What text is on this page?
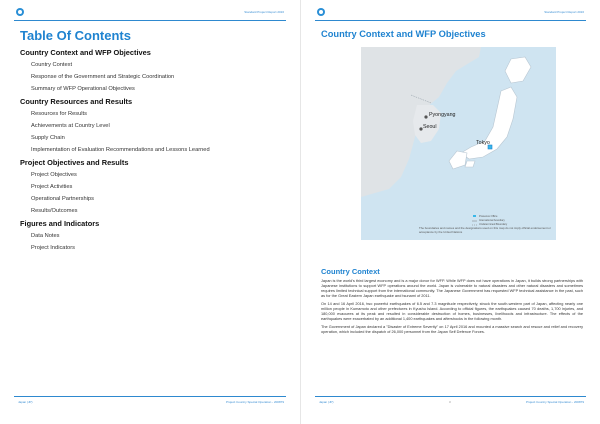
Standard Project Report 2016
Table Of Contents
Country Context and WFP Objectives
Country Context
Response of the Government and Strategic Coordination
Summary of WFP Operational Objectives
Country Resources and Results
Resources for Results
Achievements at Country Level
Supply Chain
Implementation of Evaluation Recommendations and Lessons Learned
Project Objectives and Results
Project Objectives
Project Activities
Operational Partnerships
Results/Outcomes
Figures and Indicators
Data Notes
Project Indicators
Japan (JP)	Project Country Special Operation - 200879
Standard Project Report 2016
Country Context and WFP Objectives
Pyongyang
Seoul
Tokyo
Presence Office
International boundary
Undetermined Boundary
The boundaries and names and the designations used on this map do not imply official endorsement or acceptance by the United Nations
Country Context

Japan is the world's third largest economy and is a major donor for WFP. While WFP does not have operations in Japan, it builds strong partnerships with Japanese institutions to support WFP operations around the world. Japan is vulnerable to natural disasters and other natural disasters and sometimes requires limited technical support from the international community. The Japanese Government has requested WFP technical assistance in the past, such as for the Great Eastern Japan earthquake and tsunami of 2011.

On 14 and 16 April 2016, two powerful earthquakes of 6.5 and 7.3 magnitude respectively, struck the south-western part of Japan, affecting nearly one million people in Kumamoto and other prefectures in Kyushu Island. According to official figures, the earthquakes caused 70 deaths, 1,700 injuries, and 180,000 evacuees at its peak and resulted in considerable destruction of homes, businesses, livelihoods and infrastructure. The effects of the earthquakes were exacerbated by an additional 1,400 earthquakes and aftershocks in the following month.

The Government of Japan declared a "Disaster of Extreme Severity" on 17 April 2016 and mounted a massive search and rescue and relief and recovery operation, which included the dispatch of 26,000 personnel from the Japan Self Defence Forces.

Japan (JP)	3	Project Country Special Operation - 200879
